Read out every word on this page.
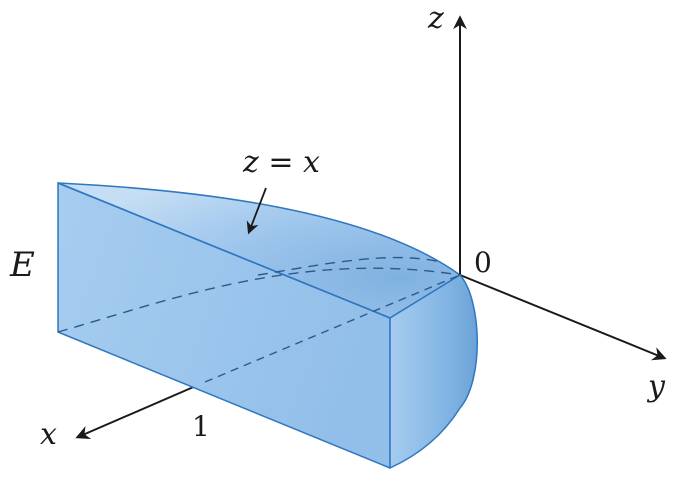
z = x
E	0
1
z
y
x
